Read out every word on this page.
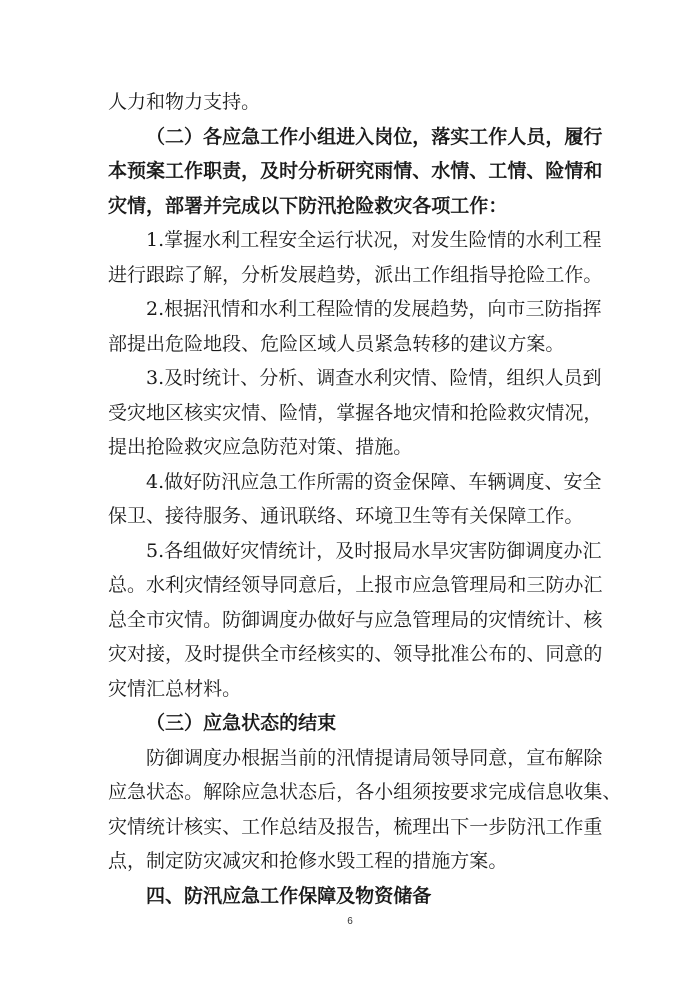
人 力 和 物 力 支 持 。
（ 二 ） 各 应 急 工 作 小 组 进 入 岗 位 ， 落 实 工 作 人 员 ， 履 行
本 预 案 工 作 职 责 ， 及 时 分 析 研 究 雨 情 、 水 情 、 工 情 、 险 情 和
灾 情 ， 部 署 并 完 成 以 下 防 汛 抢 险 救 灾 各 项 工 作 ：
1 . 掌 握 水 利 工 程 安 全 运 行 状 况 ， 对 发 生 险 情 的 水 利 工 程
进 行 跟 踪 了 解 ， 分 析 发 展 趋 势 ， 派 出 工 作 组 指 导 抢 险 工 作 。
2 . 根 据 汛 情 和 水 利 工 程 险 情 的 发 展 趋 势 ， 向 市 三 防 指 挥
部 提 出 危 险 地 段 、 危 险 区 域 人 员 紧 急 转 移 的 建 议 方 案 。
3 . 及 时 统 计 、 分 析 、 调 查 水 利 灾 情 、 险 情 ， 组 织 人 员 到
受 灾 地 区 核 实 灾 情 、 险 情 ， 掌 握 各 地 灾 情 和 抢 险 救 灾 情 况 ，
提 出 抢 险 救 灾 应 急 防 范 对 策 、 措 施 。
4 . 做 好 防 汛 应 急 工 作 所 需 的 资 金 保 障 、 车 辆 调 度 、 安 全
保 卫 、 接 待 服 务 、 通 讯 联 络 、 环 境 卫 生 等 有 关 保 障 工 作 。
5 . 各 组 做 好 灾 情 统 计 ， 及 时 报 局 水 旱 灾 害 防 御 调 度 办 汇
总 。 水 利 灾 情 经 领 导 同 意 后 ， 上 报 市 应 急 管 理 局 和 三 防 办 汇
总 全 市 灾 情 。 防 御 调 度 办 做 好 与 应 急 管 理 局 的 灾 情 统 计 、 核
灾 对 接 ， 及 时 提 供 全 市 经 核 实 的 、 领 导 批 准 公 布 的 、 同 意 的
灾 情 汇 总 材 料 。
（ 三 ） 应 急 状 态 的 结 束
防 御 调 度 办 根 据 当 前 的 汛 情 提 请 局 领 导 同 意 ， 宣 布 解 除
应 急 状 态 。 解 除 应 急 状 态 后 ， 各 小 组 须 按 要 求 完 成 信 息 收 集 、
灾 情 统 计 核 实 、 工 作 总 结 及 报 告 ， 梳 理 出 下 一 步 防 汛 工 作 重
点 ， 制 定 防 灾 减 灾 和 抢 修 水 毁 工 程 的 措 施 方 案 。
四 、 防 汛 应 急 工 作 保 障 及 物 资 储 备
6
